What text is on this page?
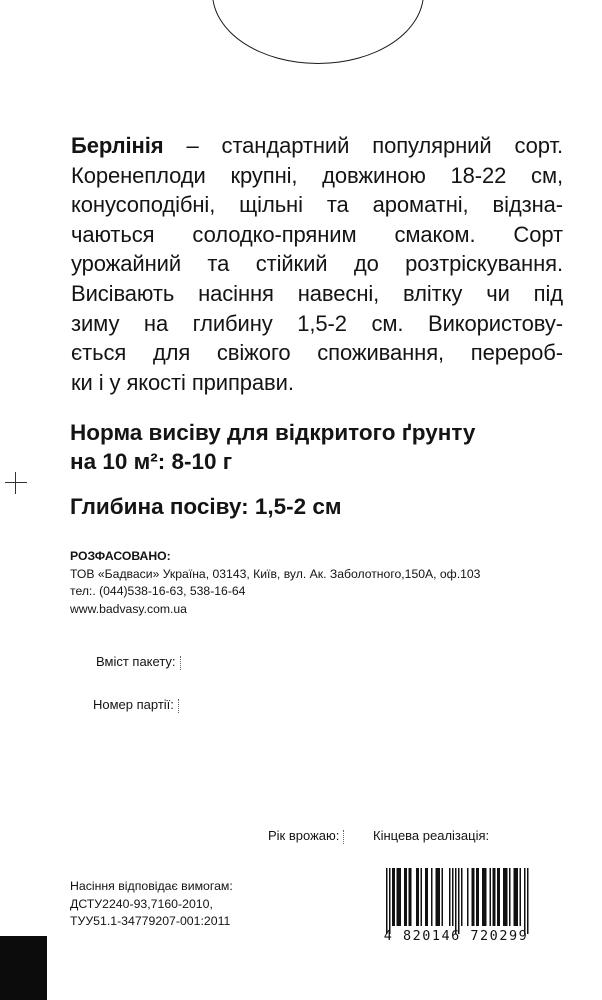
Берлінія – стандартний популярний сорт.
Коренеплоди крупні, довжиною 18-22 см,
конусоподібні, щільні та ароматні, відзна-
чаються солодко-пряним смаком. Сорт
урожайний та стійкий до розтріскування.
Висівають насіння навесні, влітку чи під
зиму на глибину 1,5-2 см. Використову-
ється для свіжого споживання, перероб-
ки і у якості приправи.

Норма висіву для відкритого ґрунту
на 10 м²: 8-10 г
Глибина посіву: 1,5-2 см
РОЗФАСОВАНО:
ТОВ «Бадваси» Україна, 03143, Київ, вул. Ак. Заболотного,150А, оф.103
тел:. (044)538-16-63, 538-16-64
www.badvasy.com.ua
Вміст пакету:
Номер партії:
Рік врожаю:	Кінцева реалізація:
Насіння відповідає вимогам:
ДСТУ2240-93,7160-2010,
ТУУ51.1-34779207-001:2011
4 820146 720299
